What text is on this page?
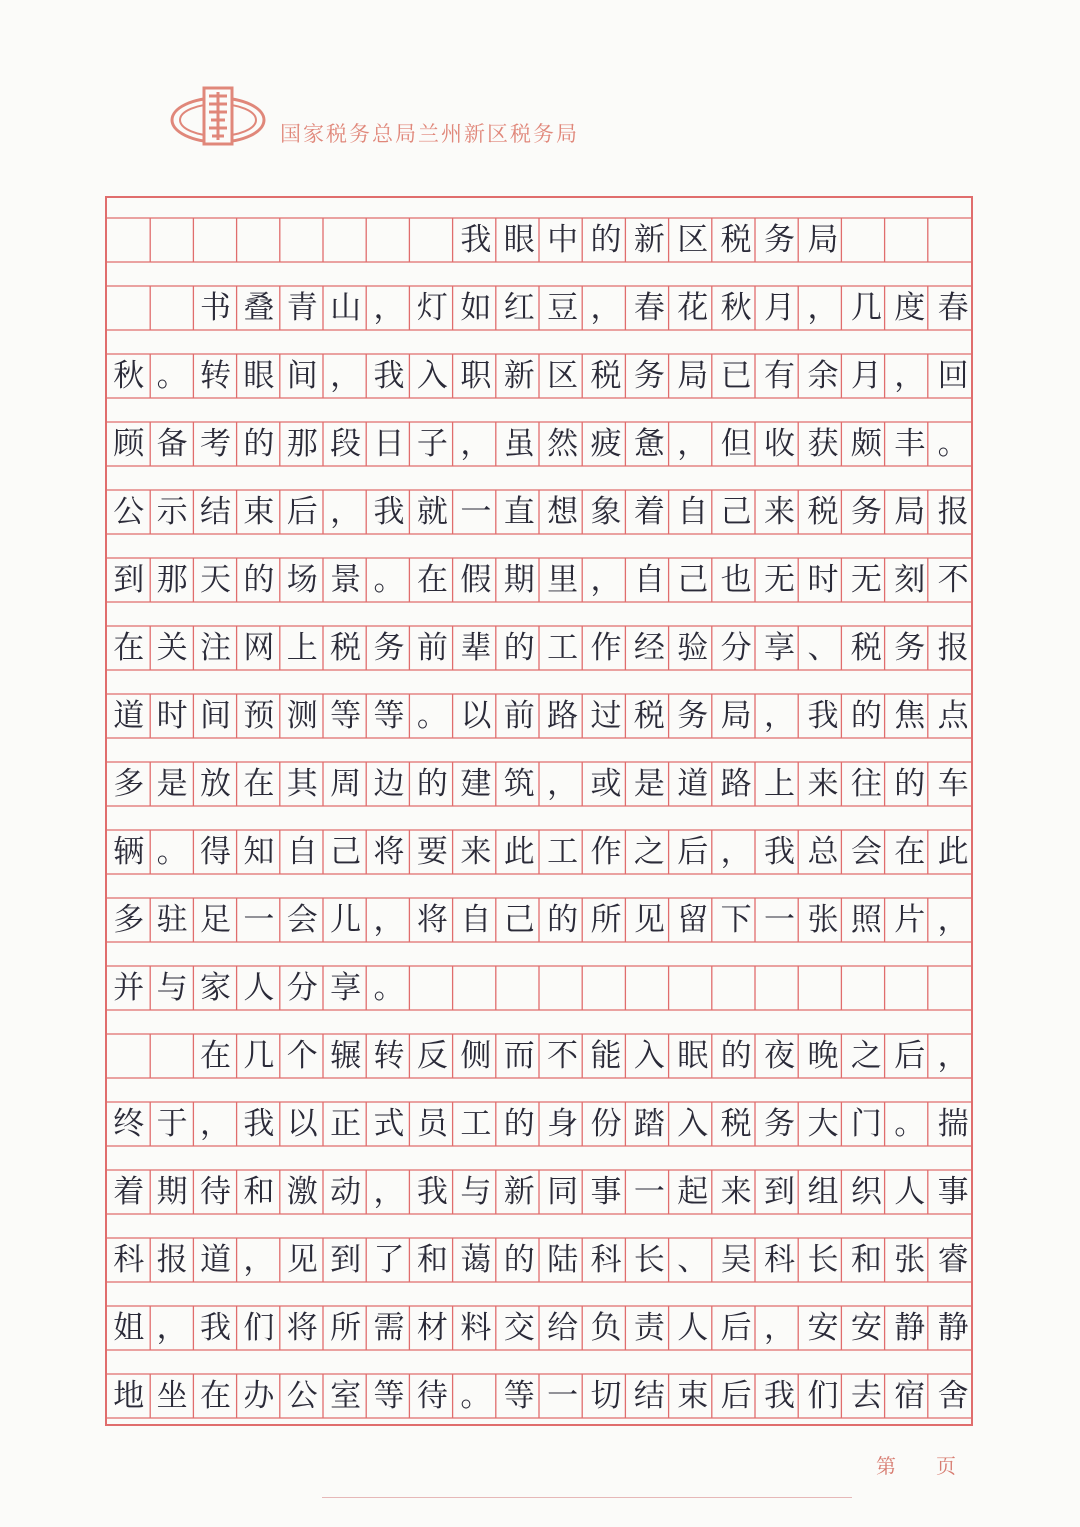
国家税务总局兰州新区税务局
我 眼 中 的 新 区 税 务 局
书 叠 青 山 ， 灯 如 红 豆 ， 春 花 秋 月 ， 几 度 春
秋 。 转 眼 间 ， 我 入 职 新 区 税 务 局 已 有 余 月 ， 回
顾 备 考 的 那 段 日 子 ， 虽 然 疲 惫 ， 但 收 获 颇 丰 。
公 示 结 束 后 ， 我 就 一 直 想 象 着 自 己 来 税 务 局 报
到 那 天 的 场 景 。 在 假 期 里 ， 自 己 也 无 时 无 刻 不
在 关 注 网 上 税 务 前 辈 的 工 作 经 验 分 享 、 税 务 报
道 时 间 预 测 等 等 。 以 前 路 过 税 务 局 ， 我 的 焦 点
多 是 放 在 其 周 边 的 建 筑 ， 或 是 道 路 上 来 往 的 车
辆 。 得 知 自 己 将 要 来 此 工 作 之 后 ， 我 总 会 在 此
多 驻 足 一 会 儿 ， 将 自 己 的 所 见 留 下 一 张 照 片 ，
并 与 家 人 分 享 。
在 几 个 辗 转 反 侧 而 不 能 入 眠 的 夜 晚 之 后 ，
终 于 ， 我 以 正 式 员 工 的 身 份 踏 入 税 务 大 门 。 揣
着 期 待 和 激 动 ， 我 与 新 同 事 一 起 来 到 组 织 人 事
科 报 道 ， 见 到 了 和 蔼 的 陆 科 长 、 吴 科 长 和 张 睿
姐 ， 我 们 将 所 需 材 料 交 给 负 责 人 后 ， 安 安 静 静
地 坐 在 办 公 室 等 待 。 等 一 切 结 束 后 我 们 去 宿 舍
第　　页
